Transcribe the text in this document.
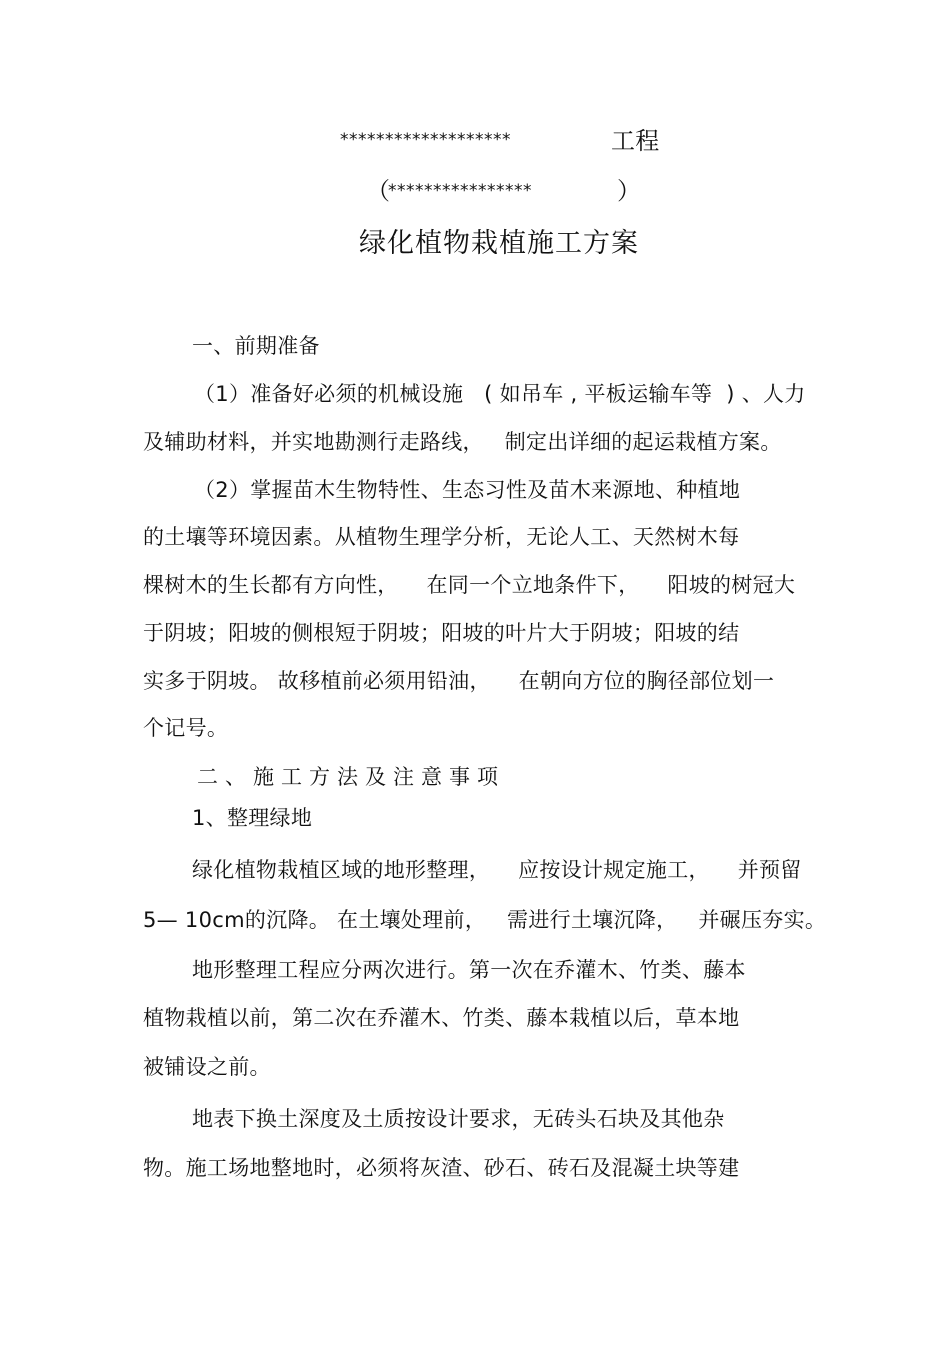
*******************	工程
（
****************	）
绿化植物栽植施工方案
一、前期准备
（1）准备好必须的机械设施   ( 如吊车 , 平板运输车等  ) 、人力
及辅助材料，并实地勘测行走路线，   制定出详细的起运栽植方案。
（2）掌握苗木生物特性、生态习性及苗木来源地、种植地
的土壤等环境因素。从植物生理学分析，无论人工、天然树木每
棵树木的生长都有方向性，    在同一个立地条件下，    阳坡的树冠大
于阴坡；阳坡的侧根短于阴坡；阳坡的叶片大于阴坡；阳坡的结
实多于阴坡。 故移植前必须用铅油，    在朝向方位的胸径部位划一
个记号。
二、施工方法及注意事项
1、整理绿地
绿化植物栽植区域的地形整理，    应按设计规定施工，    并预留
5— 10cm的沉降。 在土壤处理前，   需进行土壤沉降，   并碾压夯实。
地形整理工程应分两次进行。第一次在乔灌木、竹类、藤本
植物栽植以前，第二次在乔灌木、竹类、藤本栽植以后，草本地
被铺设之前。
地表下换土深度及土质按设计要求，无砖头石块及其他杂
物。施工场地整地时，必须将灰渣、砂石、砖石及混凝土块等建
